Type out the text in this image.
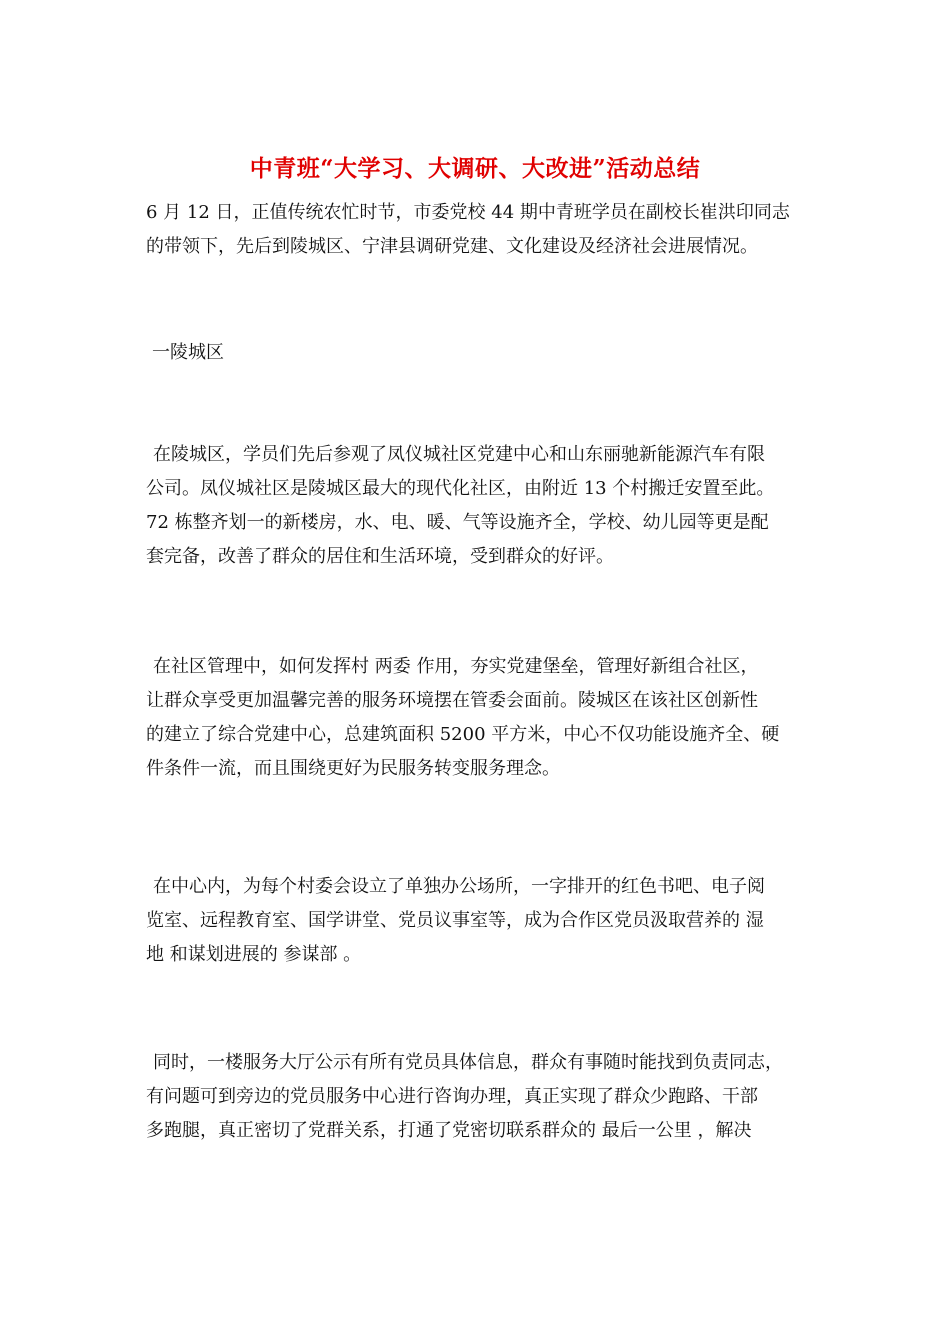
中青班“大学习、大调研、大改进”活动总结
6 月 12 日，正值传统农忙时节，市委党校 44 期中青班学员在副校长崔洪印同志
的带领下，先后到陵城区、宁津县调研党建、文化建设及经济社会进展情况。
一陵城区
在陵城区，学员们先后参观了凤仪城社区党建中心和山东丽驰新能源汽车有限
公司。凤仪城社区是陵城区最大的现代化社区，由附近 13 个村搬迁安置至此。
72 栋整齐划一的新楼房，水、电、暖、气等设施齐全，学校、幼儿园等更是配
套完备，改善了群众的居住和生活环境，受到群众的好评。
在社区管理中，如何发挥村 两委 作用，夯实党建堡垒，管理好新组合社区，
让群众享受更加温馨完善的服务环境摆在管委会面前。陵城区在该社区创新性
的建立了综合党建中心，总建筑面积 5200 平方米，中心不仅功能设施齐全、硬
件条件一流，而且围绕更好为民服务转变服务理念。
在中心内，为每个村委会设立了单独办公场所，一字排开的红色书吧、电子阅
览室、远程教育室、国学讲堂、党员议事室等，成为合作区党员汲取营养的 湿
地 和谋划进展的 参谋部 。
同时，一楼服务大厅公示有所有党员具体信息，群众有事随时能找到负责同志，
有问题可到旁边的党员服务中心进行咨询办理，真正实现了群众少跑路、干部
多跑腿，真正密切了党群关系，打通了党密切联系群众的 最后一公里 ，解决
